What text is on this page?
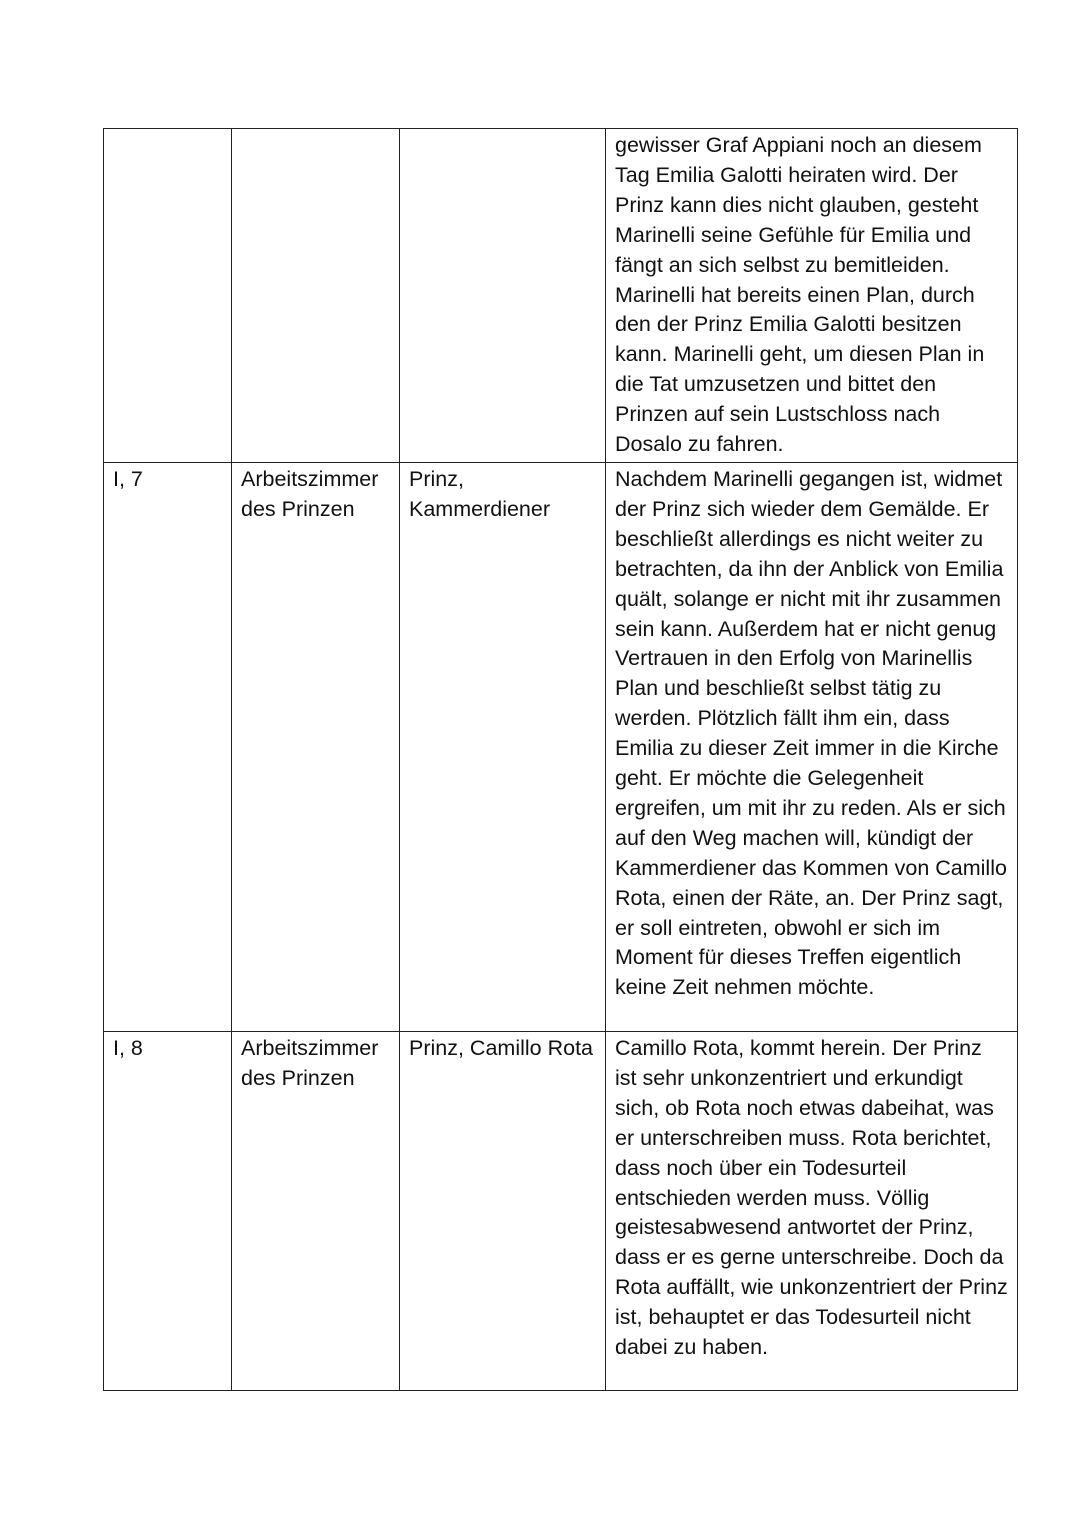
			gewisser Graf Appiani noch an diesem Tag Emilia Galotti heiraten wird. Der Prinz kann dies nicht glauben, gesteht Marinelli seine Gefühle für Emilia und fängt an sich selbst zu bemitleiden. Marinelli hat bereits einen Plan, durch den der Prinz Emilia Galotti besitzen kann. Marinelli geht, um diesen Plan in die Tat umzusetzen und bittet den Prinzen auf sein Lustschloss nach Dosalo zu fahren.

I, 7	Arbeitszimmer des Prinzen	Prinz, Kammerdiener	Nachdem Marinelli gegangen ist, widmet der Prinz sich wieder dem Gemälde. Er beschließt allerdings es nicht weiter zu betrachten, da ihn der Anblick von Emilia quält, solange er nicht mit ihr zusammen sein kann. Außerdem hat er nicht genug Vertrauen in den Erfolg von Marinellis Plan und beschließt selbst tätig zu werden. Plötzlich fällt ihm ein, dass Emilia zu dieser Zeit immer in die Kirche geht. Er möchte die Gelegenheit ergreifen, um mit ihr zu reden. Als er sich auf den Weg machen will, kündigt der Kammerdiener das Kommen von Camillo Rota, einen der Räte, an. Der Prinz sagt, er soll eintreten, obwohl er sich im Moment für dieses Treffen eigentlich keine Zeit nehmen möchte.

I, 8	Arbeitszimmer des Prinzen	Prinz, Camillo Rota	Camillo Rota, kommt herein. Der Prinz ist sehr unkonzentriert und erkundigt sich, ob Rota noch etwas dabeihat, was er unterschreiben muss. Rota berichtet, dass noch über ein Todesurteil entschieden werden muss. Völlig geistesabwesend antwortet der Prinz, dass er es gerne unterschreibe. Doch da Rota auffällt, wie unkonzentriert der Prinz ist, behauptet er das Todesurteil nicht dabei zu haben.
